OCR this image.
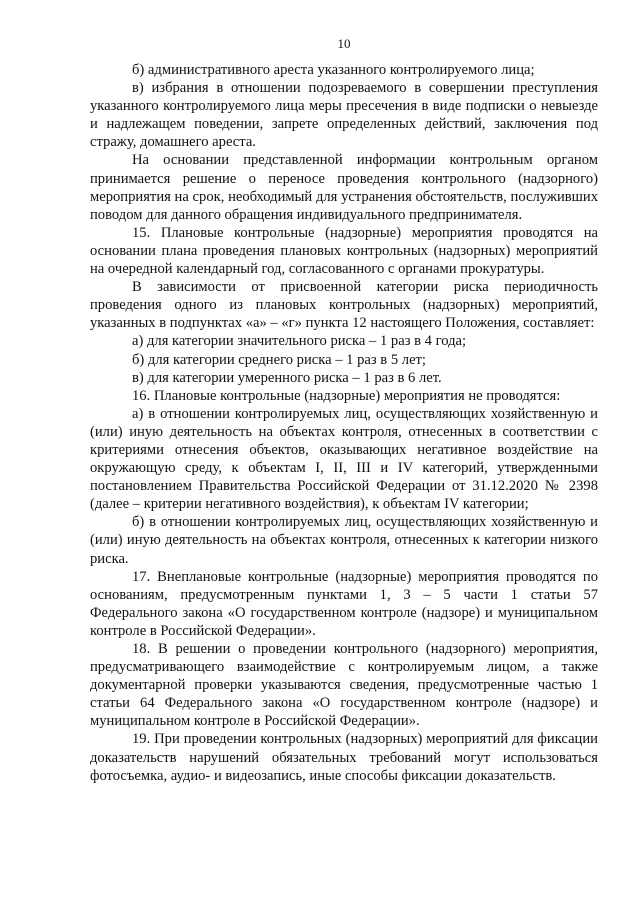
10

б) административного ареста указанного контролируемого лица;

в) избрания в отношении подозреваемого в совершении преступления указанного контролируемого лица меры пресечения в виде подписки о невыезде и надлежащем поведении, запрете определенных действий, заключения под стражу, домашнего ареста.

На основании представленной информации контрольным органом принимается решение о переносе проведения контрольного (надзорного) мероприятия на срок, необходимый для устранения обстоятельств, послуживших поводом для данного обращения индивидуального предпринимателя.

15. Плановые контрольные (надзорные) мероприятия проводятся на основании плана проведения плановых контрольных (надзорных) мероприятий на очередной календарный год, согласованного с органами прокуратуры.

В зависимости от присвоенной категории риска периодичность проведения одного из плановых контрольных (надзорных) мероприятий, указанных в подпунктах «а» – «г» пункта 12 настоящего Положения, составляет:

а) для категории значительного риска – 1 раз в 4 года;

б) для категории среднего риска – 1 раз в 5 лет;

в) для категории умеренного риска – 1 раз в 6 лет.

16. Плановые контрольные (надзорные) мероприятия не проводятся:

а) в отношении контролируемых лиц, осуществляющих хозяйственную и (или) иную деятельность на объектах контроля, отнесенных в соответствии с критериями отнесения объектов, оказывающих негативное воздействие на окружающую среду, к объектам I, II, III и IV категорий, утвержденными постановлением Правительства Российской Федерации от 31.12.2020 № 2398 (далее – критерии негативного воздействия), к объектам IV категории;

б) в отношении контролируемых лиц, осуществляющих хозяйственную и (или) иную деятельность на объектах контроля, отнесенных к категории низкого риска.

17. Внеплановые контрольные (надзорные) мероприятия проводятся по основаниям, предусмотренным пунктами 1, 3 – 5 части 1 статьи 57 Федерального закона «О государственном контроле (надзоре) и муниципальном контроле в Российской Федерации».

18. В решении о проведении контрольного (надзорного) мероприятия, предусматривающего взаимодействие с контролируемым лицом, а также документарной проверки указываются сведения, предусмотренные частью 1 статьи 64 Федерального закона «О государственном контроле (надзоре) и муниципальном контроле в Российской Федерации».

19. При проведении контрольных (надзорных) мероприятий для фиксации доказательств нарушений обязательных требований могут использоваться фотосъемка, аудио- и видеозапись, иные способы фиксации доказательств.
